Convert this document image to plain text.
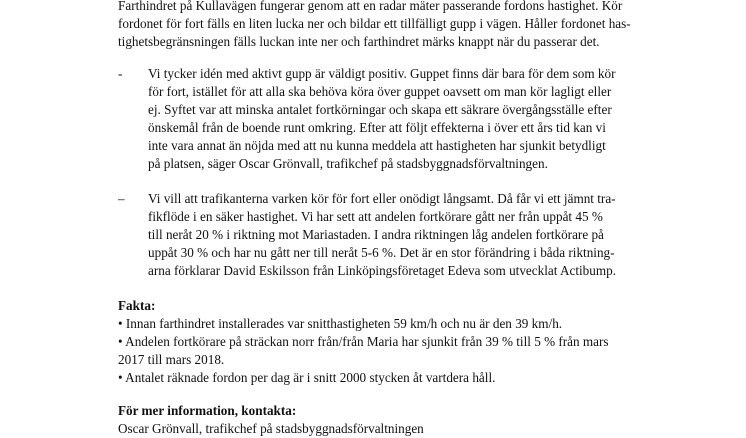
Farthindret på Kullavägen fungerar genom att en radar mäter passerande fordons hastighet. Kör
fordonet för fort fälls en liten lucka ner och bildar ett tillfälligt gupp i vägen. Håller fordonet has-
tighetsbegränsningen fälls luckan inte ner och farthindret märks knappt när du passerar det.
-	Vi tycker idén med aktivt gupp är väldigt positiv. Guppet finns där bara för dem som kör
för fort, istället för att alla ska behöva köra över guppet oavsett om man kör lagligt eller
ej. Syftet var att minska antalet fortkörningar och skapa ett säkrare övergångsställe efter
önskemål från de boende runt omkring. Efter att följt effekterna i över ett års tid kan vi
inte vara annat än nöjda med att nu kunna meddela att hastigheten har sjunkit betydligt
på platsen, säger Oscar Grönvall, trafikchef på stadsbyggnadsförvaltningen.
–	Vi vill att trafikanterna varken kör för fort eller onödigt långsamt. Då får vi ett jämnt tra-
fikflöde i en säker hastighet. Vi har sett att andelen fortkörare gått ner från uppåt 45 %
till neråt 20 % i riktning mot Mariastaden. I andra riktningen låg andelen fortkörare på
uppåt 30 % och har nu gått ner till neråt 5-6 %. Det är en stor förändring i båda riktning-
arna förklarar David Eskilsson från Linköpingsföretaget Edeva som utvecklat Actibump.
Fakta:
• Innan farthindret installerades var snitthastigheten 59 km/h och nu är den 39 km/h.
• Andelen fortkörare på sträckan norr från/från Maria har sjunkit från 39 % till 5 % från mars
2017 till mars 2018.
• Antalet räknade fordon per dag är i snitt 2000 stycken åt vartdera håll.
För mer information, kontakta:
Oscar Grönvall, trafikchef på stadsbyggnadsförvaltningen
